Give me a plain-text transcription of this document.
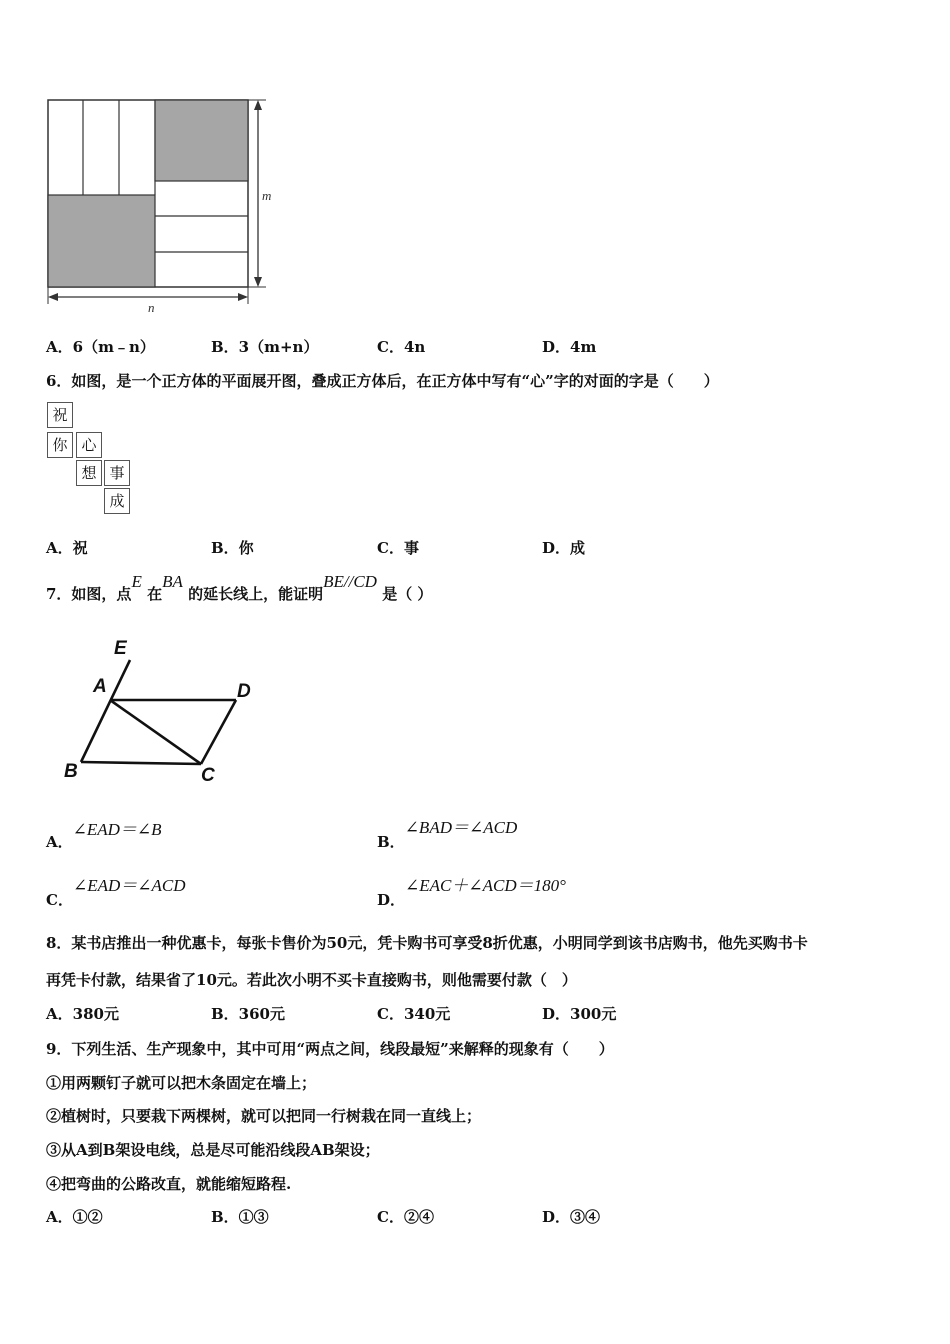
m
n
A．6（m﹣n）	B．3（m+n）	C．4n	D．4m
6．如图，是一个正方体的平面展开图，叠成正方体后，在正方体中写有“心”字的对面的字是（　　）
祝
你 心
想 事
成
A．祝	B．你	C．事	D．成
7．如图，点E 在BA 的延长线上，能证明BE//CD 是（ ）
E
A	D
B	C
A．∠EAD＝∠B
B．∠BAD＝∠ACD
C．∠EAD＝∠ACD
D．∠EAC＋∠ACD＝180°
8．某书店推出一种优惠卡，每张卡售价为50元，凭卡购书可享受8折优惠，小明同学到该书店购书，他先买购书卡
再凭卡付款，结果省了10元。若此次小明不买卡直接购书，则他需要付款（　）
A．380元	B．360元	C．340元	D．300元
9．下列生活、生产现象中，其中可用“两点之间，线段最短”来解释的现象有（　　）
①用两颗钉子就可以把木条固定在墙上；
②植树时，只要栽下两棵树，就可以把同一行树栽在同一直线上；
③从A到B架设电线，总是尽可能沿线段AB架设；
④把弯曲的公路改直，就能缩短路程.
A．①②	B．①③	C．②④	D．③④
